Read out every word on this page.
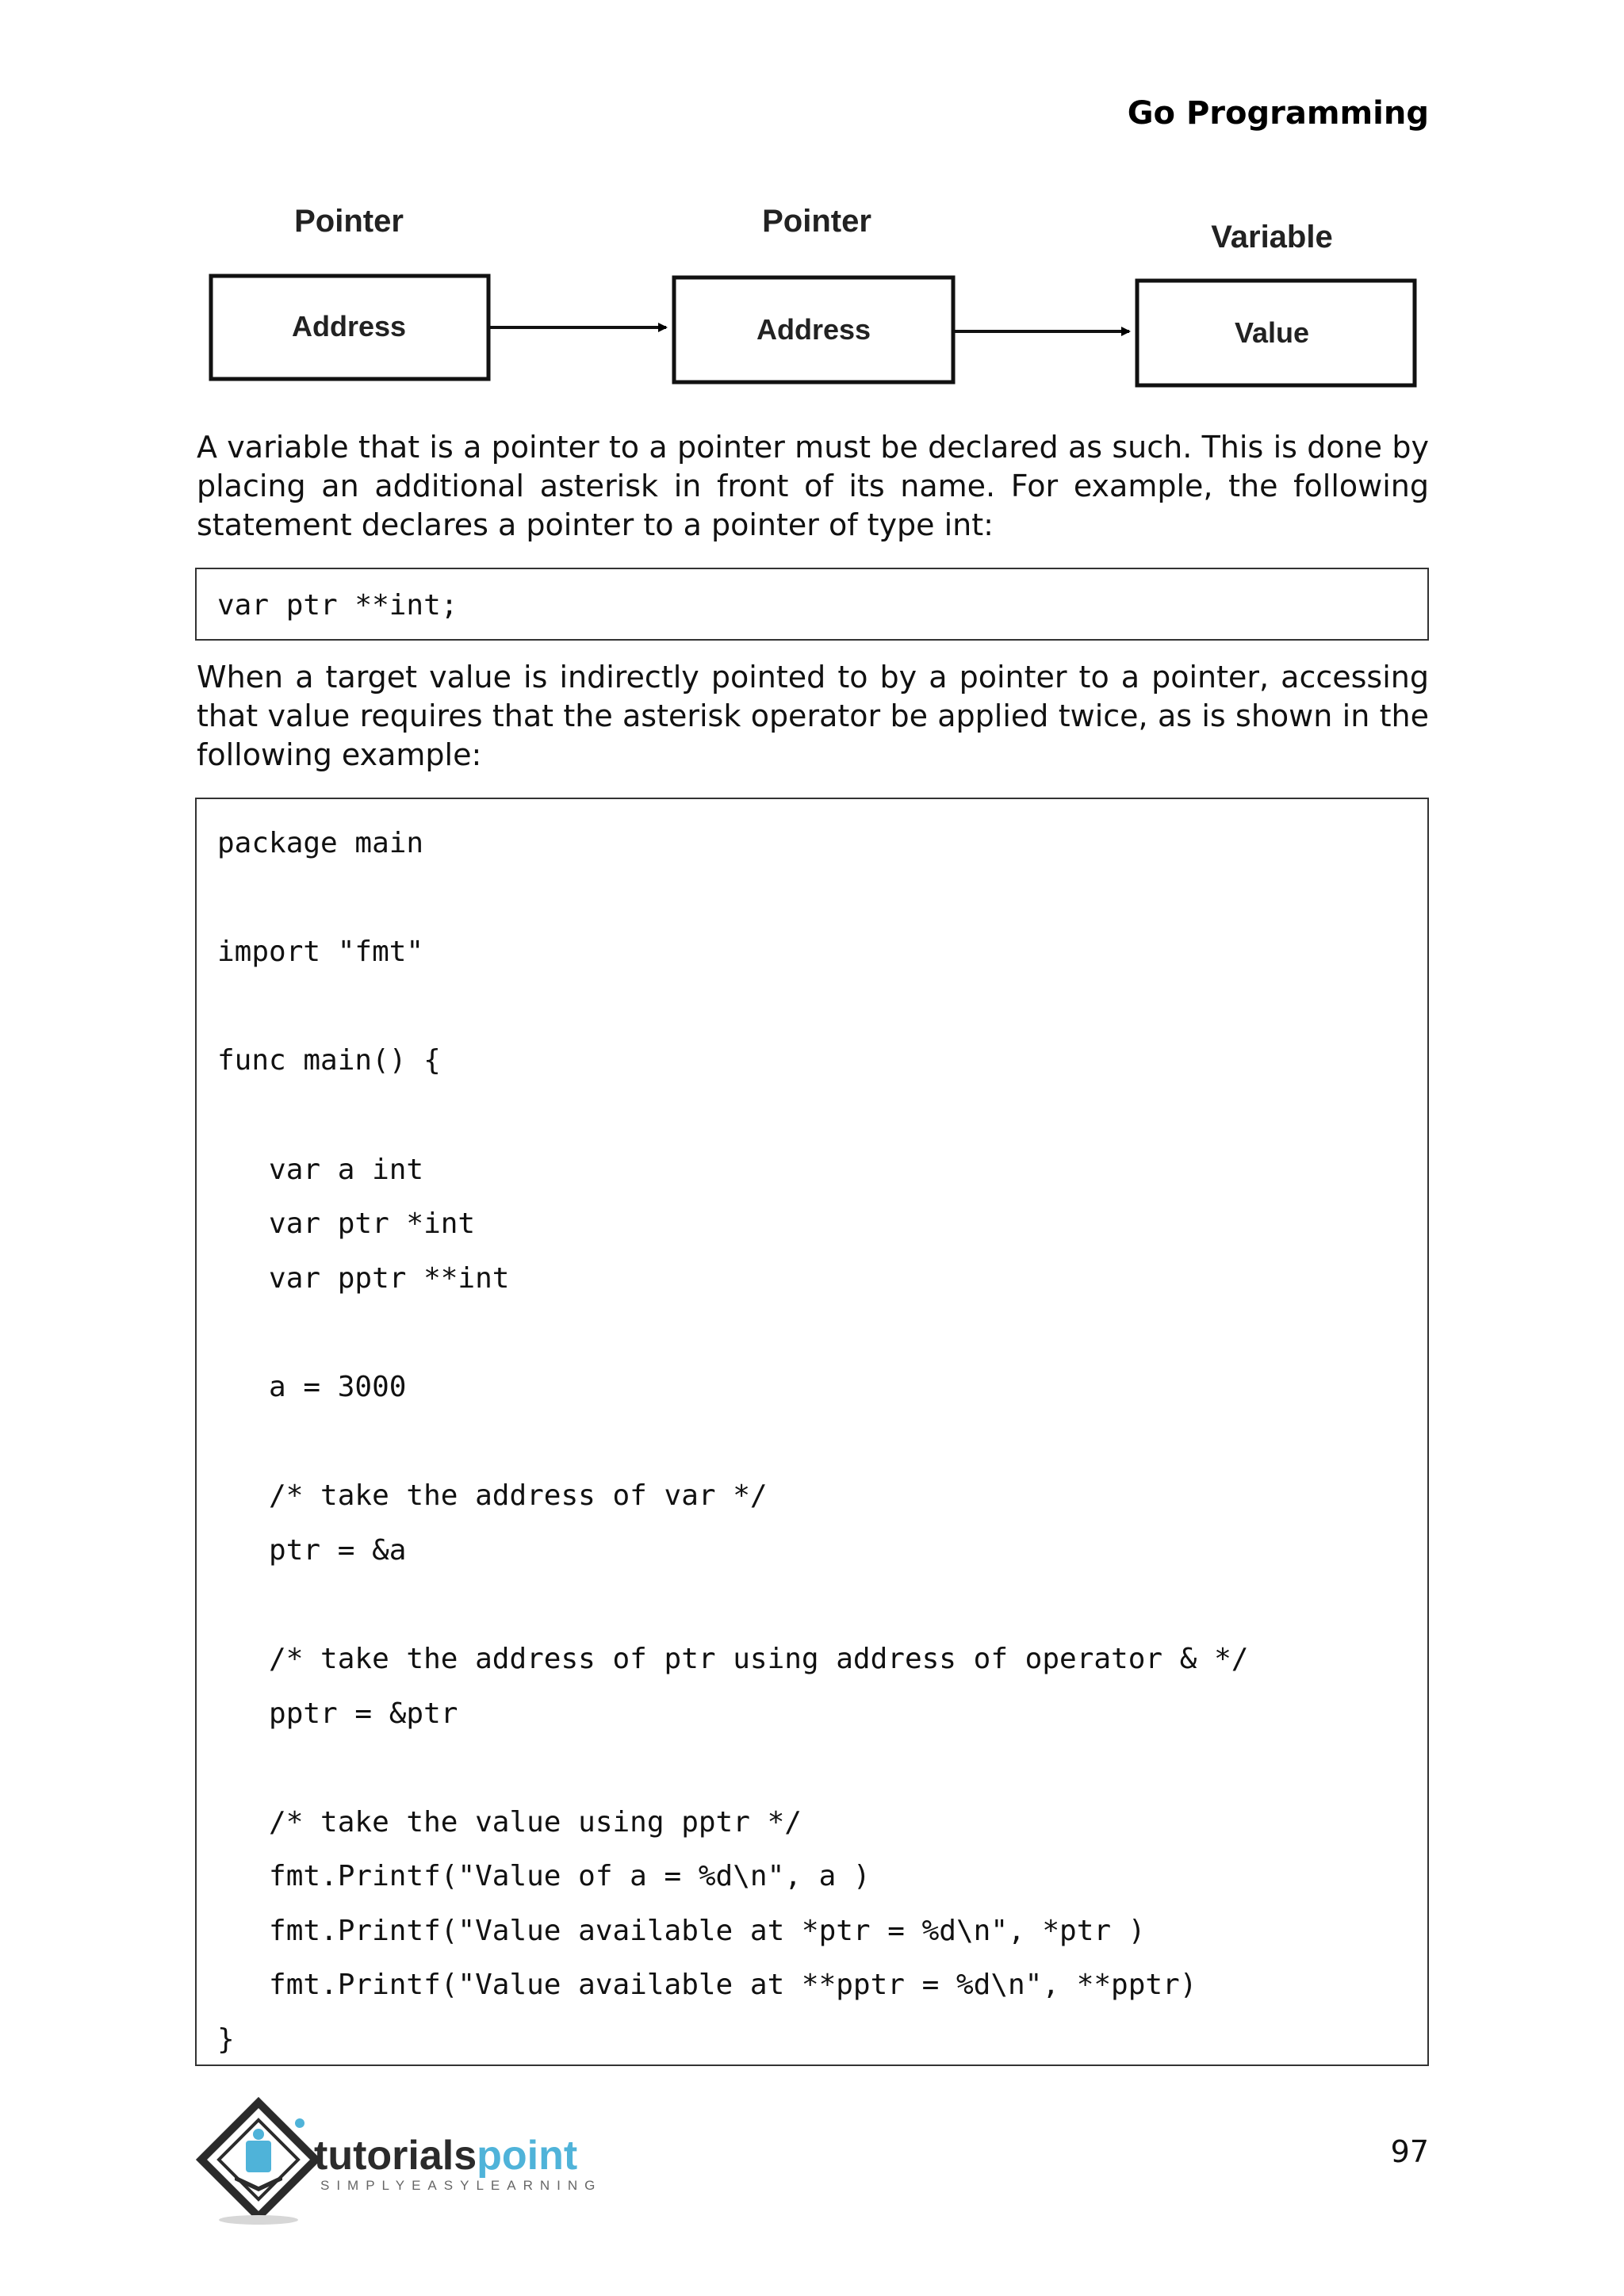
Go Programming
Pointer
Address
Pointer
Address
Variable
Value
A variable that is a pointer to a pointer must be declared as such. This is done by placing an additional asterisk in front of its name. For example, the following statement declares a pointer to a pointer of type int:
var ptr **int;
When a target value is indirectly pointed to by a pointer to a pointer, accessing that value requires that the asterisk operator be applied twice, as is shown in the following example:
package main

import "fmt"

func main() {

var a int
var ptr *int
var pptr **int

a = 3000

/* take the address of var */
ptr = &a

/* take the address of ptr using address of operator & */
pptr = &ptr

/* take the value using pptr */
fmt.Printf("Value of a = %d\n", a )
fmt.Printf("Value available at *ptr = %d\n", *ptr )
fmt.Printf("Value available at **pptr = %d\n", **pptr)
}
tutorialspoint
SIMPLYEASYLEARNING
97
